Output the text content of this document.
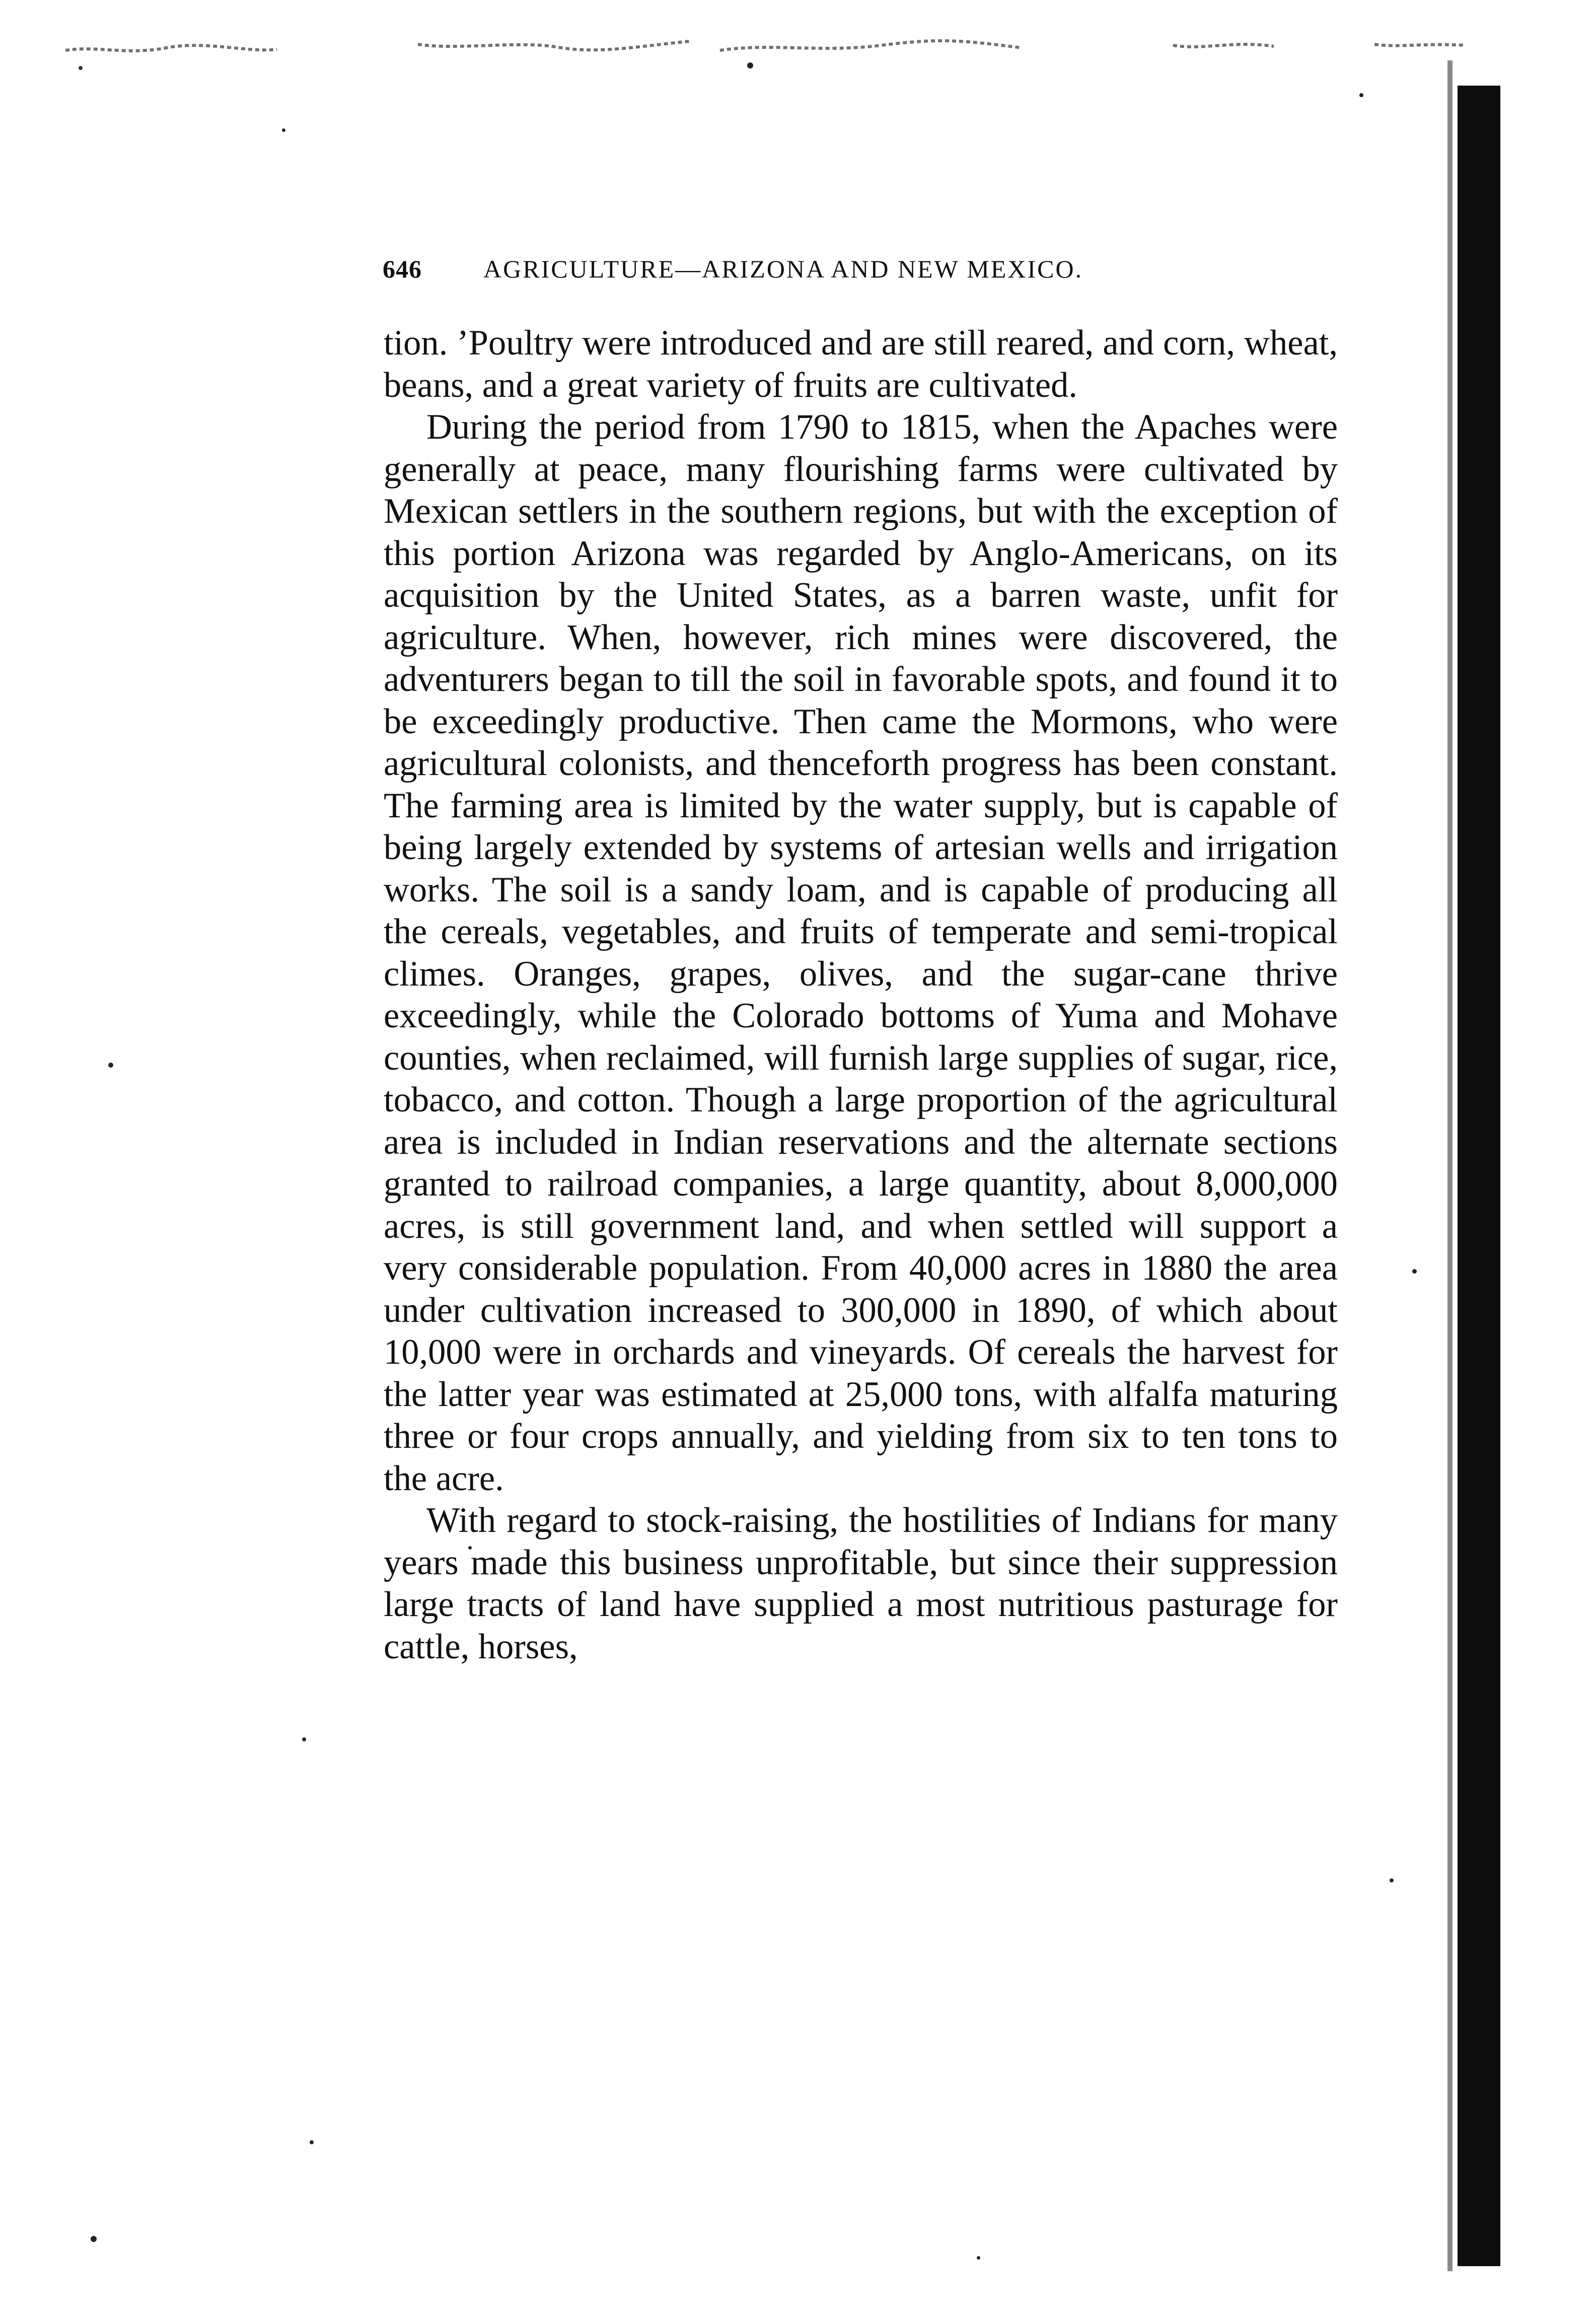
646	AGRICULTURE—ARIZONA AND NEW MEXICO.

tion. ’Poultry were introduced and are still reared, and corn, wheat, beans, and a great variety of fruits are cultivated.

During the period from 1790 to 1815, when the Apaches were generally at peace, many flourishing farms were cultivated by Mexican settlers in the southern regions, but with the exception of this portion Arizona was regarded by Anglo-Americans, on its acquisition by the United States, as a barren waste, unfit for agriculture. When, however, rich mines were discovered, the adventurers began to till the soil in favorable spots, and found it to be exceedingly productive. Then came the Mormons, who were agricultural colonists, and thenceforth progress has been constant. The farming area is limited by the water supply, but is capable of being largely extended by systems of artesian wells and irrigation works. The soil is a sandy loam, and is capable of producing all the cereals, vegetables, and fruits of temperate and semi-tropical climes. Oranges, grapes, olives, and the sugar-cane thrive exceedingly, while the Colorado bottoms of Yuma and Mohave counties, when reclaimed, will furnish large supplies of sugar, rice, tobacco, and cotton. Though a large proportion of the agricultural area is included in Indian reservations and the alternate sections granted to railroad companies, a large quantity, about 8,000,000 acres, is still government land, and when settled will support a very considerable population. From 40,000 acres in 1880 the area under cultivation increased to 300,000 in 1890, of which about 10,000 were in orchards and vineyards. Of cereals the harvest for the latter year was estimated at 25,000 tons, with alfalfa maturing three or four crops annually, and yielding from six to ten tons to the acre.

With regard to stock-raising, the hostilities of Indians for many years made this business unprofitable, but since their suppression large tracts of land have supplied a most nutritious pasturage for cattle, horses,
